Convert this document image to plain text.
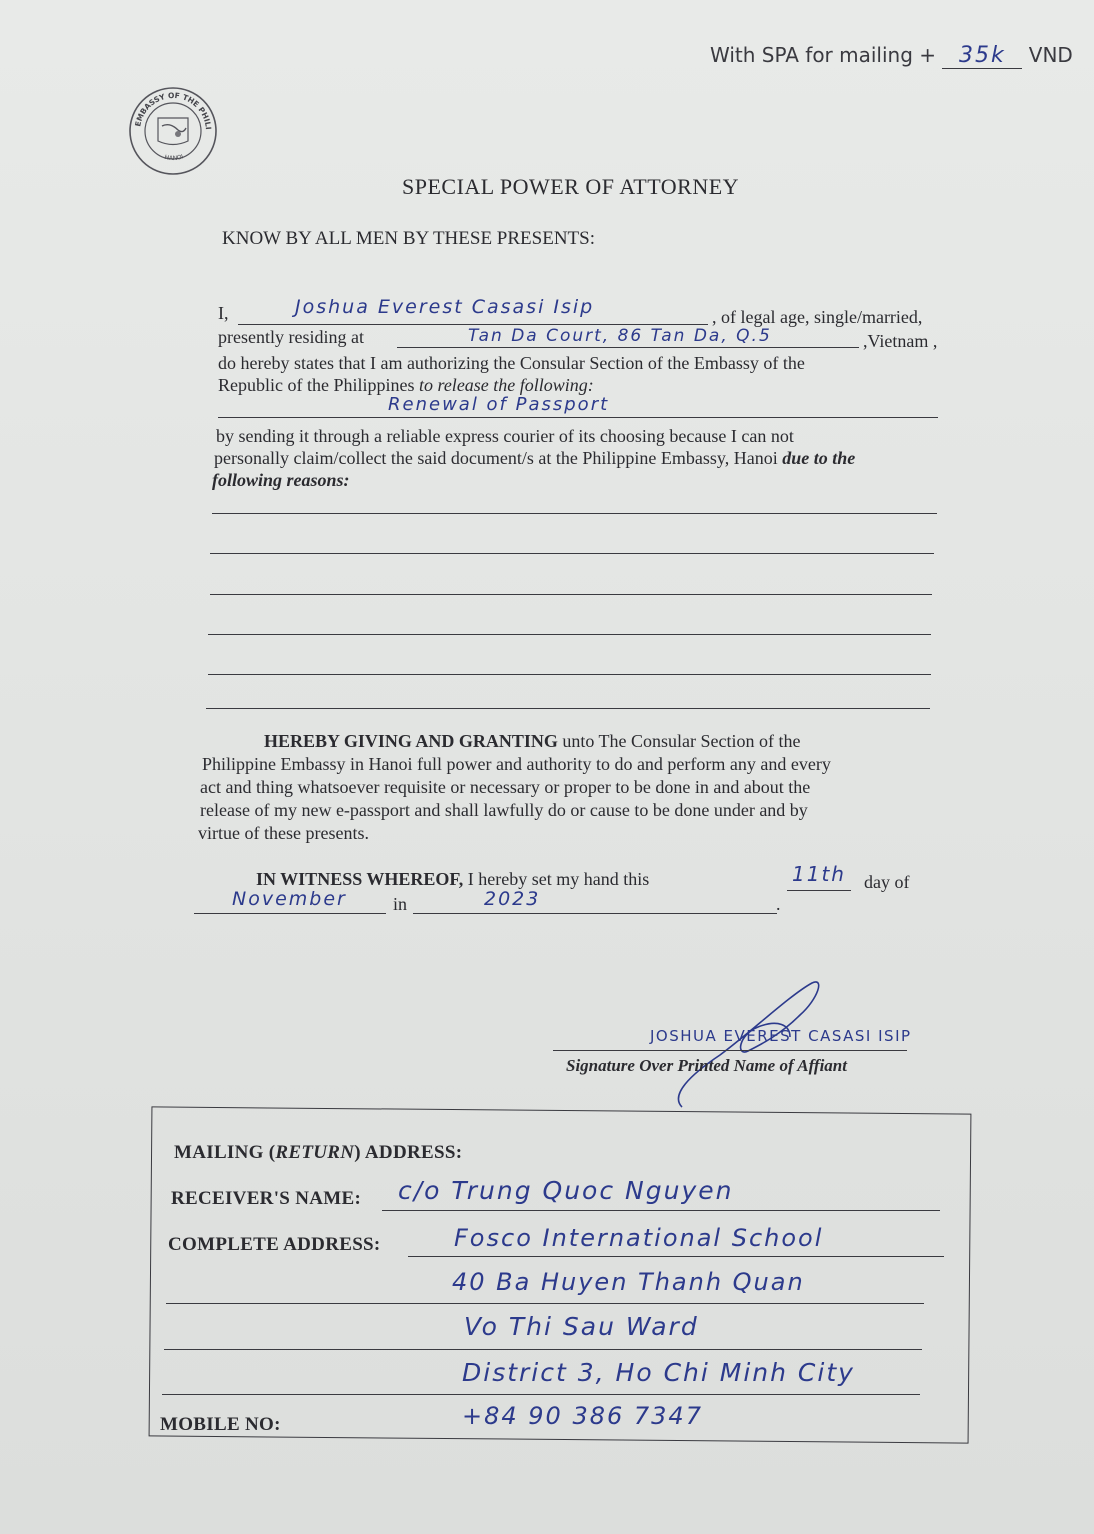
With SPA for mailing + 35k VND
EMBASSY OF THE PHILI
HANOI
SPECIAL POWER OF ATTORNEY
KNOW BY ALL MEN BY THESE PRESENTS:
I,	Joshua Everest Casasi Isip	, of legal age, single/married,
presently residing at	Tan Da Court, 86 Tan Da, Q.5	,Vietnam ,
do hereby states that I am authorizing the Consular Section of the Embassy of the
Republic of the Philippines to release the following:
Renewal of Passport
by sending it through a reliable express courier of its choosing because I can not
personally claim/collect the said document/s at the Philippine Embassy, Hanoi due to the
following reasons:
HEREBY GIVING AND GRANTING unto The Consular Section of the
Philippine Embassy in Hanoi full power and authority to do and perform any and every
act and thing whatsoever requisite or necessary or proper to be done in and about the
release of my new e-passport and shall lawfully do or cause to be done under and by
virtue of these presents.
IN WITNESS WHEREOF, I hereby set my hand this	11th day of
November	in	2023	.
JOSHUA EVEREST CASASI ISIP
Signature Over Printed Name of Affiant
MAILING (RETURN) ADDRESS:
RECEIVER'S NAME: c/o Trung Quoc Nguyen
COMPLETE ADDRESS:	Fosco International School
40 Ba Huyen Thanh Quan
Vo Thi Sau Ward
District 3, Ho Chi Minh City
MOBILE NO:	+84 90 386 7347
